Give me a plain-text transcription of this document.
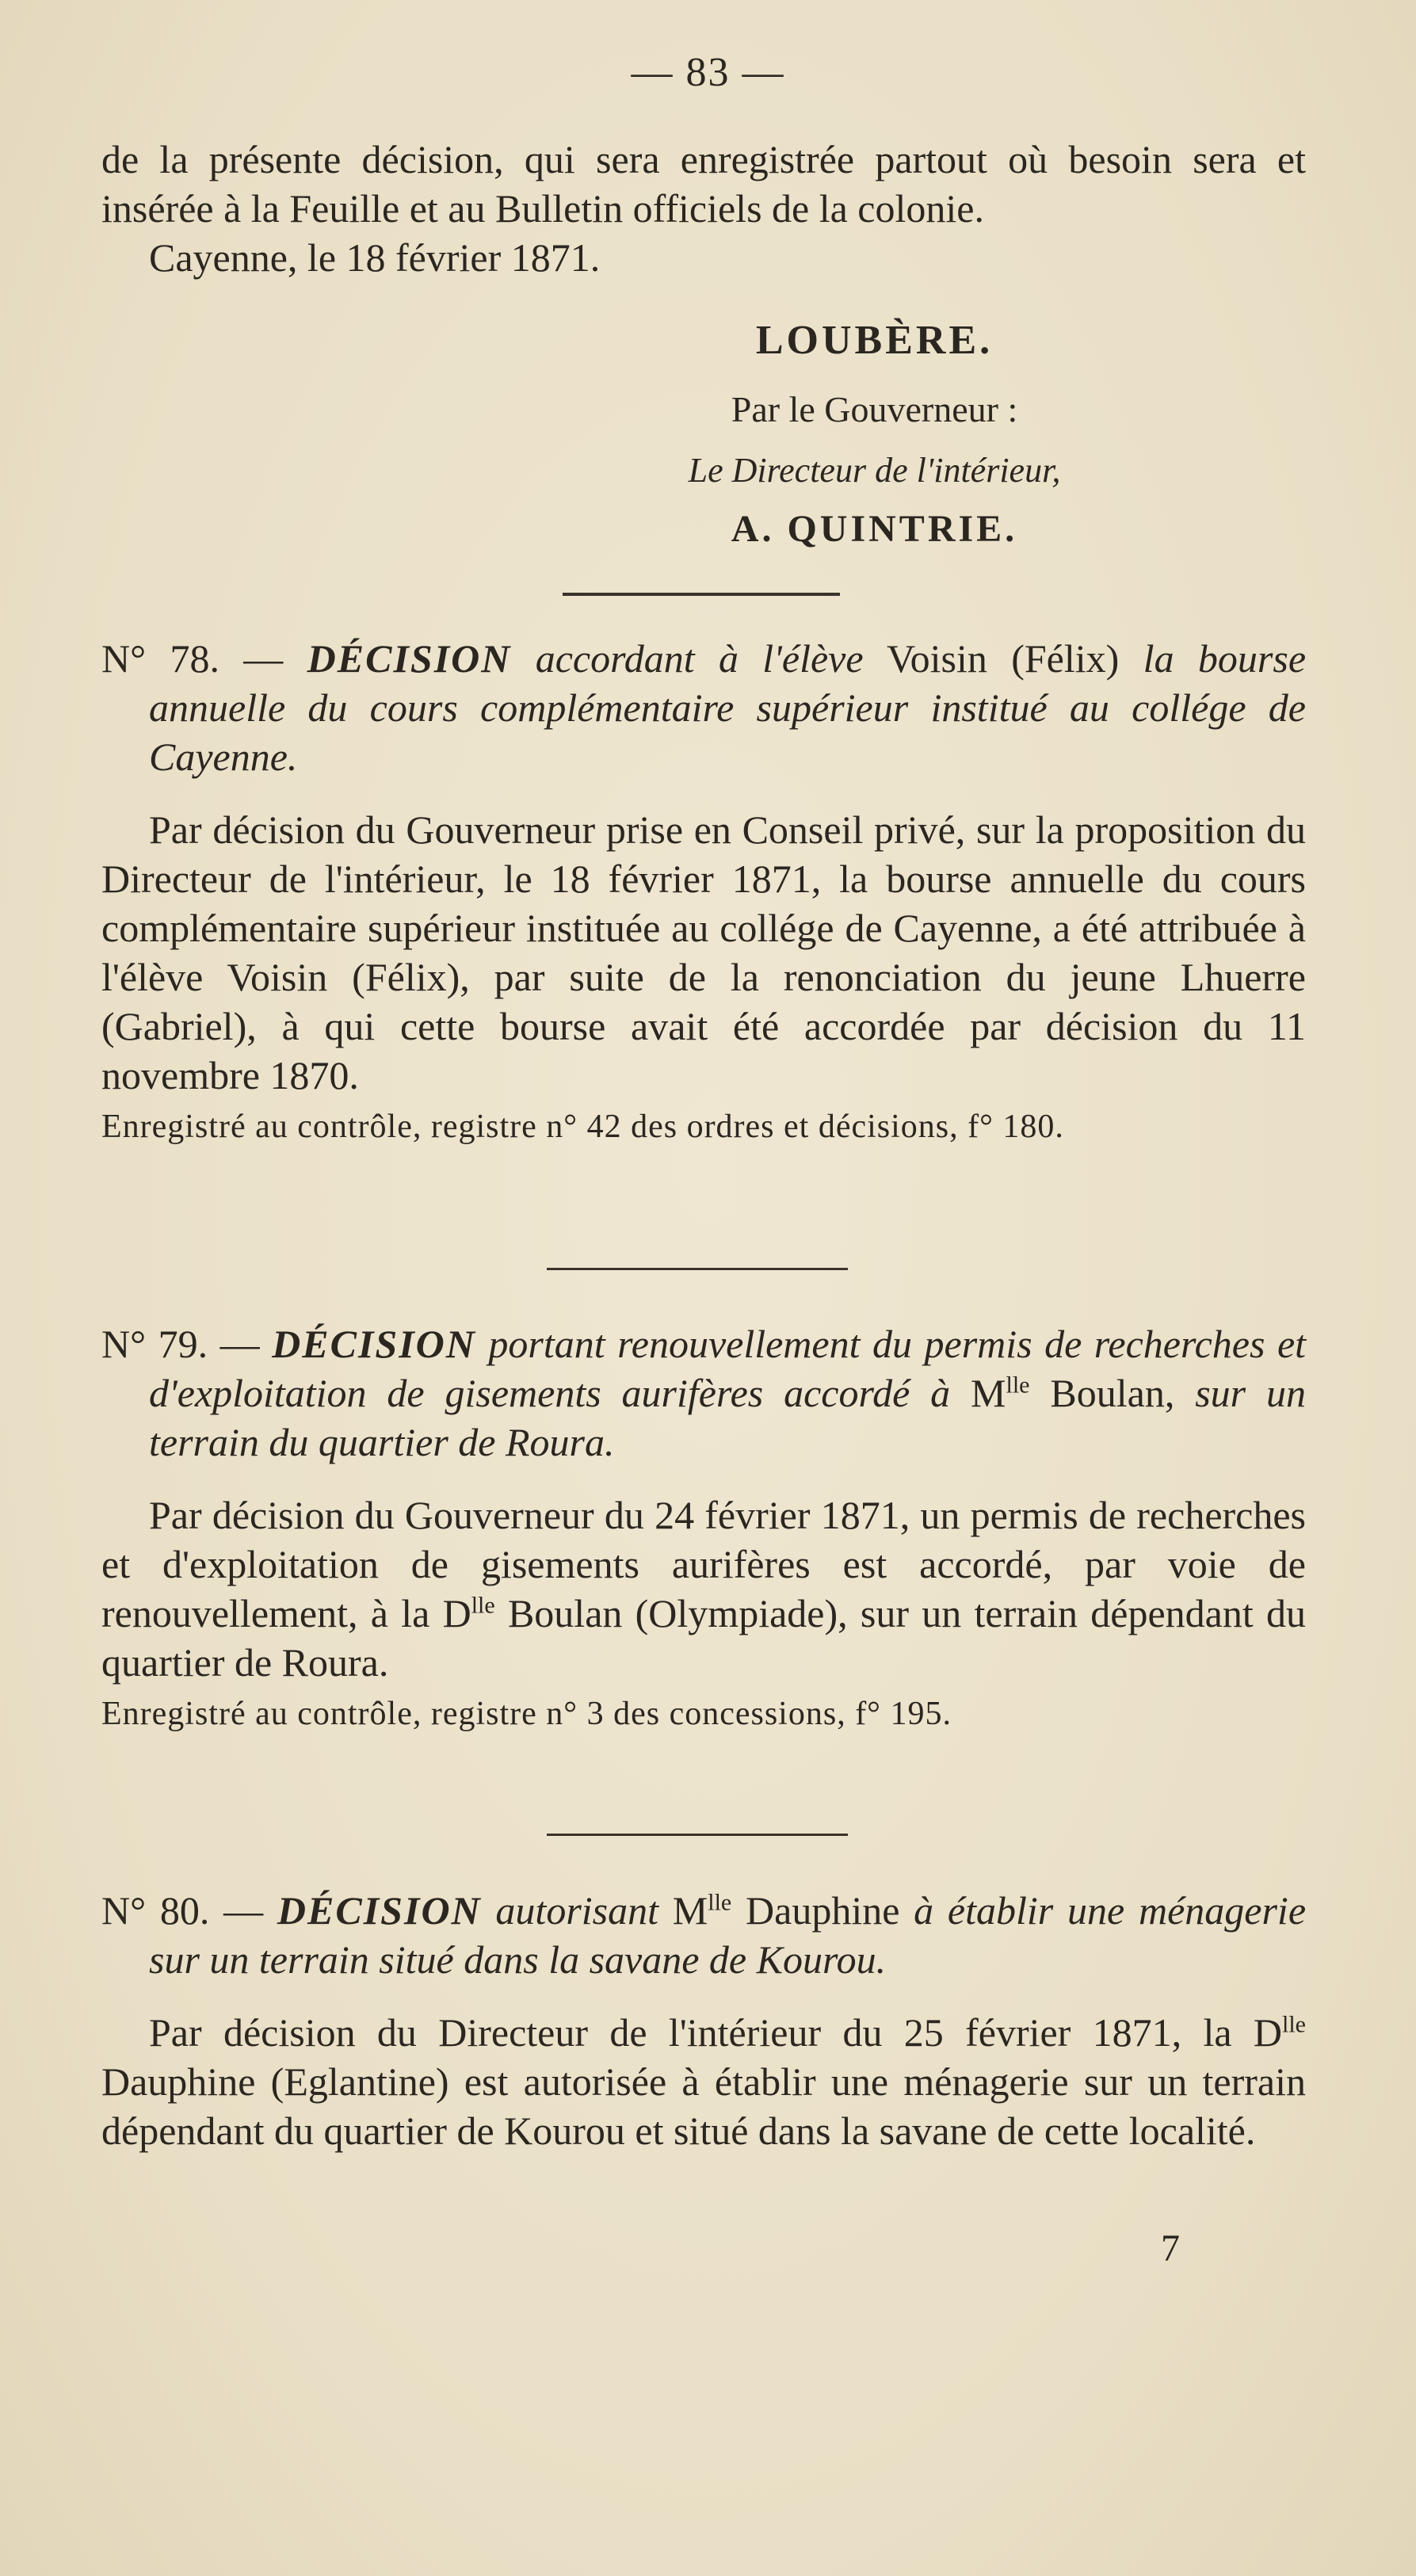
— 83 —

de la présente décision, qui sera enregistrée partout où besoin sera et insérée à la Feuille et au Bulletin officiels de la colonie.

Cayenne, le 18 février 1871.

LOUBÈRE.
Par le Gouverneur :
Le Directeur de l'intérieur,
A. QUINTRIE.

N° 78. — DÉCISION accordant à l'élève Voisin (Félix) la bourse annuelle du cours complémentaire supérieur institué au collége de Cayenne.

Par décision du Gouverneur prise en Conseil privé, sur la proposition du Directeur de l'intérieur, le 18 février 1871, la bourse annuelle du cours complémentaire supérieur instituée au collége de Cayenne, a été attribuée à l'élève Voisin (Félix), par suite de la renonciation du jeune Lhuerre (Gabriel), à qui cette bourse avait été accordée par décision du 11 novembre 1870.

Enregistré au contrôle, registre n° 42 des ordres et décisions, f° 180.

N° 79. — DÉCISION portant renouvellement du permis de recherches et d'exploitation de gisements aurifères accordé à $M^{lle}$ Boulan, sur un terrain du quartier de Roura.

Par décision du Gouverneur du 24 février 1871, un permis de recherches et d'exploitation de gisements aurifères est accordé, par voie de renouvellement, à la $D^{lle}$ Boulan (Olympiade), sur un terrain dépendant du quartier de Roura.

Enregistré au contrôle, registre n° 3 des concessions, f° 195.

N° 80. — DÉCISION autorisant $M^{lle}$ Dauphine à établir une ménagerie sur un terrain situé dans la savane de Kourou.

Par décision du Directeur de l'intérieur du 25 février 1871, la $D^{lle}$ Dauphine (Eglantine) est autorisée à établir une ménagerie sur un terrain dépendant du quartier de Kourou et situé dans la savane de cette localité.

7
